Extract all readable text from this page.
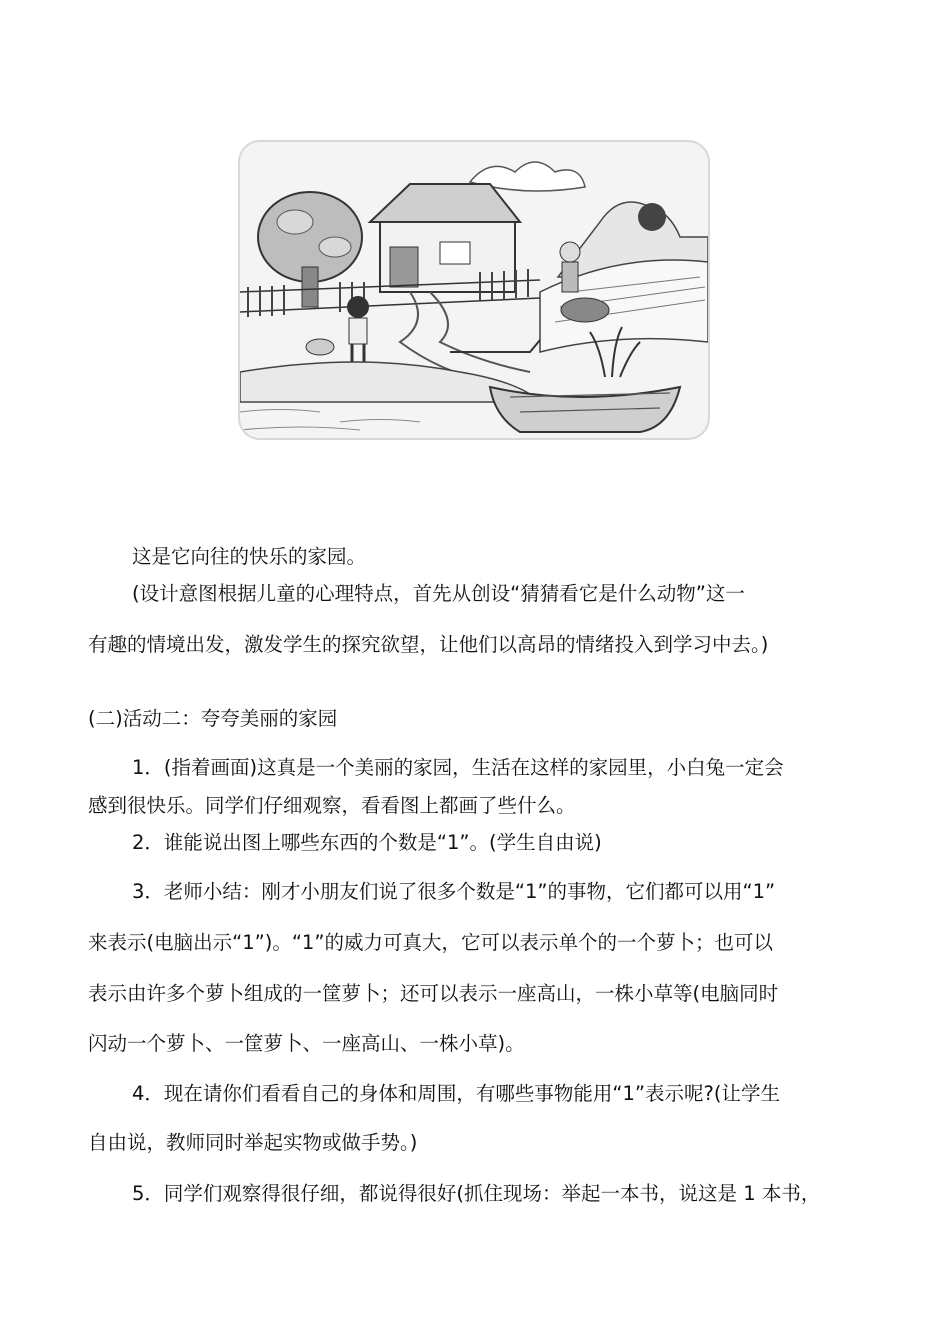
这是它向往的快乐的家园。
(设计意图根据儿童的心理特点，首先从创设“猜猜看它是什么动物”这一
有趣的情境出发，激发学生的探究欲望，让他们以高昂的情绪投入到学习中去。)
(二)活动二：夸夸美丽的家园
1．(指着画面)这真是一个美丽的家园，生活在这样的家园里，小白兔一定会
感到很快乐。同学们仔细观察，看看图上都画了些什么。
2．谁能说出图上哪些东西的个数是“1”。(学生自由说)
3．老师小结：刚才小朋友们说了很多个数是“1”的事物，它们都可以用“1”
来表示(电脑出示“1”)。“1”的威力可真大，它可以表示单个的一个萝卜；也可以
表示由许多个萝卜组成的一筐萝卜；还可以表示一座高山，一株小草等(电脑同时
闪动一个萝卜、一筐萝卜、一座高山、一株小草)。
4．现在请你们看看自己的身体和周围，有哪些事物能用“1”表示呢?(让学生
自由说，教师同时举起实物或做手势。)
5．同学们观察得很仔细，都说得很好(抓住现场：举起一本书，说这是 1 本书，
